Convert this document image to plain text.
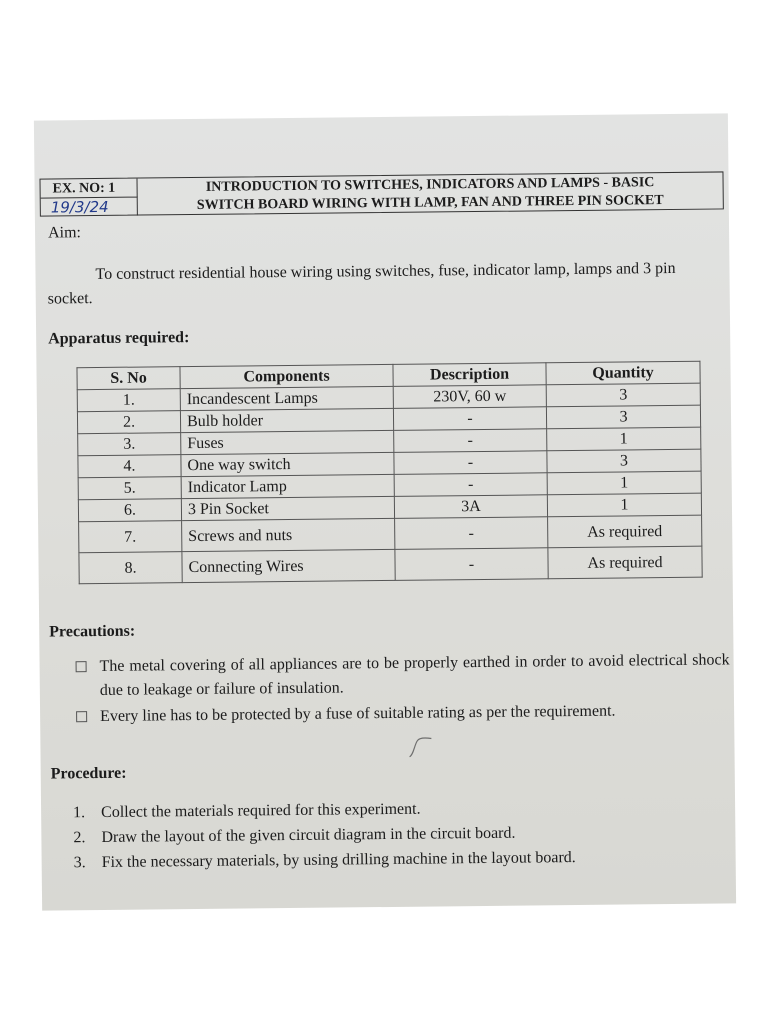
EX. NO: 1
19/3/24
INTRODUCTION TO SWITCHES, INDICATORS AND LAMPS - BASIC
SWITCH BOARD WIRING WITH LAMP, FAN AND THREE PIN SOCKET
Aim:
To construct residential house wiring using switches, fuse, indicator lamp, lamps and 3 pin socket.
Apparatus required:
S. No	Components	Description	Quantity
1.	Incandescent Lamps	230V, 60 w	3
2.	Bulb holder	-	3
3.	Fuses	-	1
4.	One way switch	-	3
5.	Indicator Lamp	-	1
6.	3 Pin Socket	3A	1
7.	Screws and nuts	-	As required
8.	Connecting Wires	-	As required
Precautions:
The metal covering of all appliances are to be properly earthed in order to avoid electrical shock due to leakage or failure of insulation.
Every line has to be protected by a fuse of suitable rating as per the requirement.
Procedure:
1. Collect the materials required for this experiment.
2. Draw the layout of the given circuit diagram in the circuit board.
3. Fix the necessary materials, by using drilling machine in the layout board.
